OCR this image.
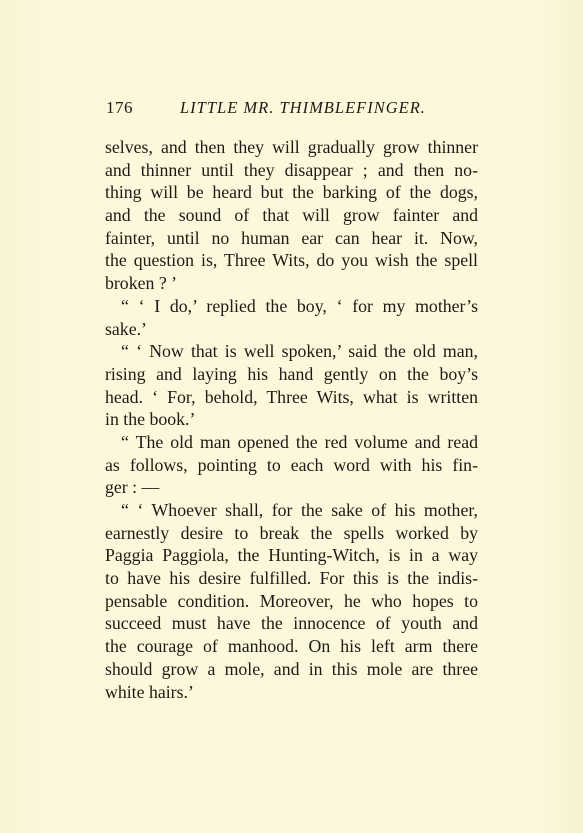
176	LITTLE MR. THIMBLEFINGER.
selves, and then they will gradually grow thinner
and thinner until they disappear ; and then no-
thing will be heard but the barking of the dogs,
and the sound of that will grow fainter and
fainter, until no human ear can hear it. Now,
the question is, Three Wits, do you wish the spell
broken ? ’
“ ‘ I do,’ replied the boy, ‘ for my mother’s
sake.’
“ ‘ Now that is well spoken,’ said the old man,
rising and laying his hand gently on the boy’s
head. ‘ For, behold, Three Wits, what is written
in the book.’
“ The old man opened the red volume and read
as follows, pointing to each word with his fin-
ger : —
“ ‘ Whoever shall, for the sake of his mother,
earnestly desire to break the spells worked by
Paggia Paggiola, the Hunting-Witch, is in a way
to have his desire fulfilled. For this is the indis-
pensable condition. Moreover, he who hopes to
succeed must have the innocence of youth and
the courage of manhood. On his left arm there
should grow a mole, and in this mole are three
white hairs.’
